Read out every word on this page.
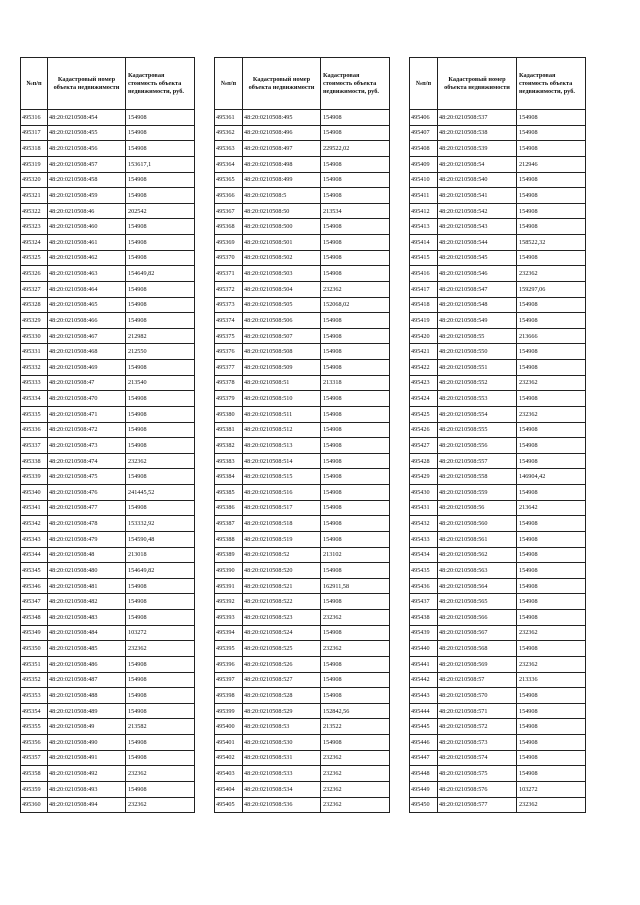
№п/п	Кадастровый номер объекта недвижимости	Кадастровая стоимость объекта недвижимости, руб.
495316	48:20:0210508:454	154908
495317	48:20:0210508:455	154908
495318	48:20:0210508:456	154908
495319	48:20:0210508:457	153617,1
495320	48:20:0210508:458	154908
495321	48:20:0210508:459	154908
495322	48:20:0210508:46	202542
495323	48:20:0210508:460	154908
495324	48:20:0210508:461	154908
495325	48:20:0210508:462	154908
495326	48:20:0210508:463	154649,82
495327	48:20:0210508:464	154908
495328	48:20:0210508:465	154908
495329	48:20:0210508:466	154908
495330	48:20:0210508:467	212982
495331	48:20:0210508:468	212550
495332	48:20:0210508:469	154908
495333	48:20:0210508:47	213540
495334	48:20:0210508:470	154908
495335	48:20:0210508:471	154908
495336	48:20:0210508:472	154908
495337	48:20:0210508:473	154908
495338	48:20:0210508:474	232362
495339	48:20:0210508:475	154908
495340	48:20:0210508:476	241445,52
495341	48:20:0210508:477	154908
495342	48:20:0210508:478	153332,92
495343	48:20:0210508:479	154590,48
495344	48:20:0210508:48	213018
495345	48:20:0210508:480	154649,82
495346	48:20:0210508:481	154908
495347	48:20:0210508:482	154908
495348	48:20:0210508:483	154908
495349	48:20:0210508:484	103272
495350	48:20:0210508:485	232362
495351	48:20:0210508:486	154908
495352	48:20:0210508:487	154908
495353	48:20:0210508:488	154908
495354	48:20:0210508:489	154908
495355	48:20:0210508:49	213582
495356	48:20:0210508:490	154908
495357	48:20:0210508:491	154908
495358	48:20:0210508:492	232362
495359	48:20:0210508:493	154908
495360	48:20:0210508:494	232362
№п/п	Кадастровый номер объекта недвижимости	Кадастровая стоимость объекта недвижимости, руб.
495361	48:20:0210508:495	154908
495362	48:20:0210508:496	154908
495363	48:20:0210508:497	229522,02
495364	48:20:0210508:498	154908
495365	48:20:0210508:499	154908
495366	48:20:0210508:5	154908
495367	48:20:0210508:50	213534
495368	48:20:0210508:500	154908
495369	48:20:0210508:501	154908
495370	48:20:0210508:502	154908
495371	48:20:0210508:503	154908
495372	48:20:0210508:504	232362
495373	48:20:0210508:505	152068,02
495374	48:20:0210508:506	154908
495375	48:20:0210508:507	154908
495376	48:20:0210508:508	154908
495377	48:20:0210508:509	154908
495378	48:20:0210508:51	213318
495379	48:20:0210508:510	154908
495380	48:20:0210508:511	154908
495381	48:20:0210508:512	154908
495382	48:20:0210508:513	154908
495383	48:20:0210508:514	154908
495384	48:20:0210508:515	154908
495385	48:20:0210508:516	154908
495386	48:20:0210508:517	154908
495387	48:20:0210508:518	154908
495388	48:20:0210508:519	154908
495389	48:20:0210508:52	213102
495390	48:20:0210508:520	154908
495391	48:20:0210508:521	162911,58
495392	48:20:0210508:522	154908
495393	48:20:0210508:523	232362
495394	48:20:0210508:524	154908
495395	48:20:0210508:525	232362
495396	48:20:0210508:526	154908
495397	48:20:0210508:527	154908
495398	48:20:0210508:528	154908
495399	48:20:0210508:529	152842,56
495400	48:20:0210508:53	213522
495401	48:20:0210508:530	154908
495402	48:20:0210508:531	232362
495403	48:20:0210508:533	232362
495404	48:20:0210508:534	232362
495405	48:20:0210508:536	232362
№п/п	Кадастровый номер объекта недвижимости	Кадастровая стоимость объекта недвижимости, руб.
495406	48:20:0210508:537	154908
495407	48:20:0210508:538	154908
495408	48:20:0210508:539	154908
495409	48:20:0210508:54	212946
495410	48:20:0210508:540	154908
495411	48:20:0210508:541	154908
495412	48:20:0210508:542	154908
495413	48:20:0210508:543	154908
495414	48:20:0210508:544	158522,32
495415	48:20:0210508:545	154908
495416	48:20:0210508:546	232362
495417	48:20:0210508:547	159297,06
495418	48:20:0210508:548	154908
495419	48:20:0210508:549	154908
495420	48:20:0210508:55	213666
495421	48:20:0210508:550	154908
495422	48:20:0210508:551	154908
495423	48:20:0210508:552	232362
495424	48:20:0210508:553	154908
495425	48:20:0210508:554	232362
495426	48:20:0210508:555	154908
495427	48:20:0210508:556	154908
495428	48:20:0210508:557	154908
495429	48:20:0210508:558	146904,42
495430	48:20:0210508:559	154908
495431	48:20:0210508:56	213642
495432	48:20:0210508:560	154908
495433	48:20:0210508:561	154908
495434	48:20:0210508:562	154908
495435	48:20:0210508:563	154908
495436	48:20:0210508:564	154908
495437	48:20:0210508:565	154908
495438	48:20:0210508:566	154908
495439	48:20:0210508:567	232362
495440	48:20:0210508:568	154908
495441	48:20:0210508:569	232362
495442	48:20:0210508:57	213336
495443	48:20:0210508:570	154908
495444	48:20:0210508:571	154908
495445	48:20:0210508:572	154908
495446	48:20:0210508:573	154908
495447	48:20:0210508:574	154908
495448	48:20:0210508:575	154908
495449	48:20:0210508:576	103272
495450	48:20:0210508:577	232362
